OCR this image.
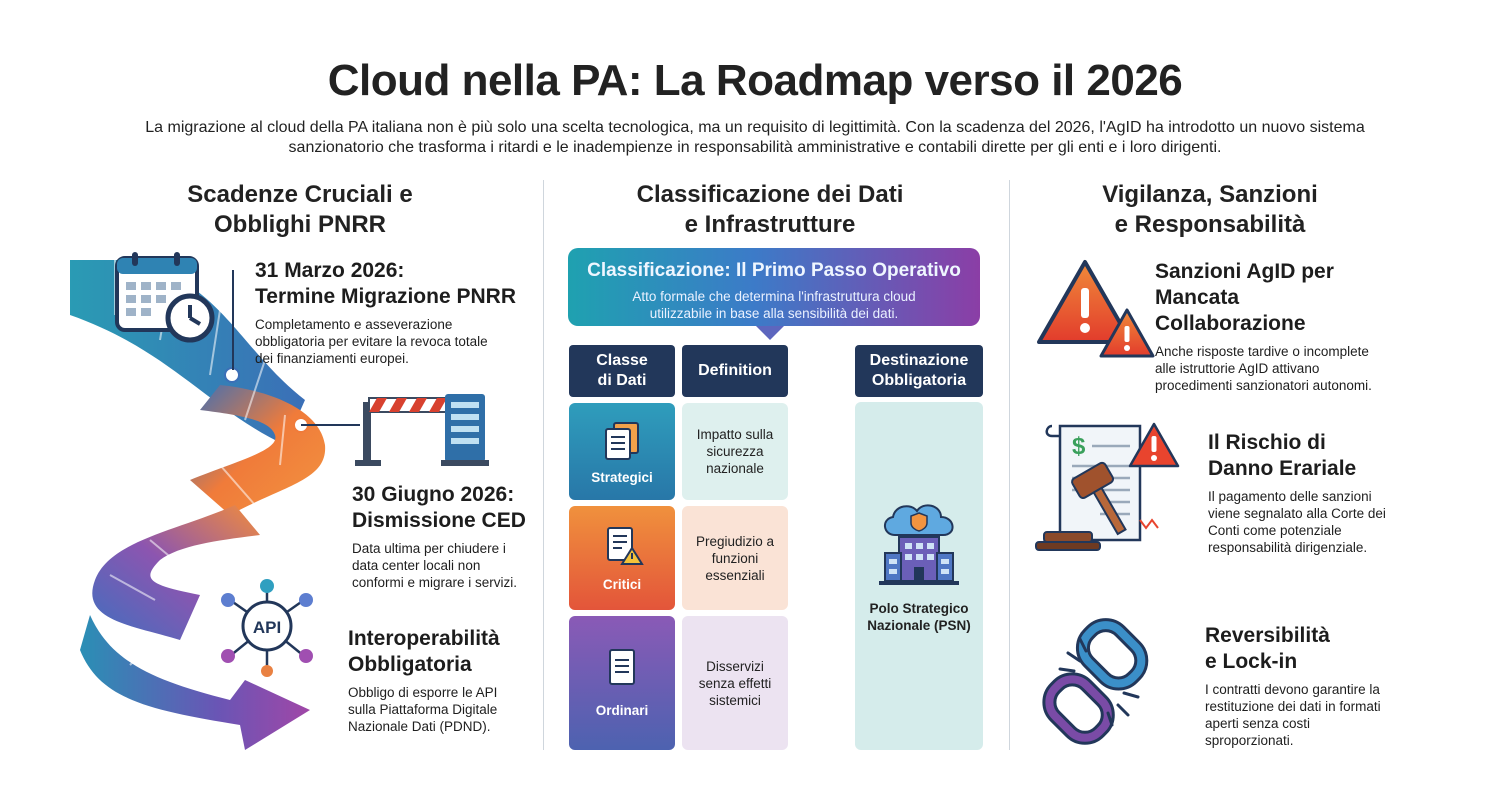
Cloud nella PA: La Roadmap verso il 2026
La migrazione al cloud della PA italiana non è più solo una scelta tecnologica, ma un requisito di legittimità. Con la scadenza del 2026, l'AgID ha introdotto un nuovo sistema sanzionatorio che trasforma i ritardi e le inadempienze in responsabilità amministrative e contabili dirette per gli enti e i loro dirigenti.
Scadenze Cruciali e
Obblighi PNRR
API
31 Marzo 2026:
Termine Migrazione PNRR
Completamento e asseverazione
obbligatoria per evitare la revoca totale
dei finanziamenti europei.
30 Giugno 2026:
Dismissione CED
Data ultima per chiudere i
data center locali non
conformi e migrare i servizi.
Interoperabilità
Obbligatoria
Obbligo di esporre le API
sulla Piattaforma Digitale
Nazionale Dati (PDND).
Classificazione dei Dati
e Infrastrutture
Classificazione: Il Primo Passo Operativo
Atto formale che determina l'infrastruttura cloud utilizzabile in base alla sensibilità dei dati.
Classe
di Dati
Definition
Destinazione
Obbligatoria
Strategici
Impatto sulla
sicurezza
nazionale
Critici
Pregiudizio a
funzioni
essenziali
Ordinari
Disservizi
senza effetti
sistemici
Polo Strategico
Nazionale (PSN)
Vigilanza, Sanzioni
e Responsabilità
$
Sanzioni AgID per
Mancata Collaborazione
Anche risposte tardive o incomplete
alle istruttorie AgID attivano
procedimenti sanzionatori autonomi.
Il Rischio di
Danno Erariale
Il pagamento delle sanzioni
viene segnalato alla Corte dei
Conti come potenziale
responsabilità dirigenziale.
Reversibilità
e Lock-in
I contratti devono garantire la
restituzione dei dati in formati
aperti senza costi
sproporzionati.
